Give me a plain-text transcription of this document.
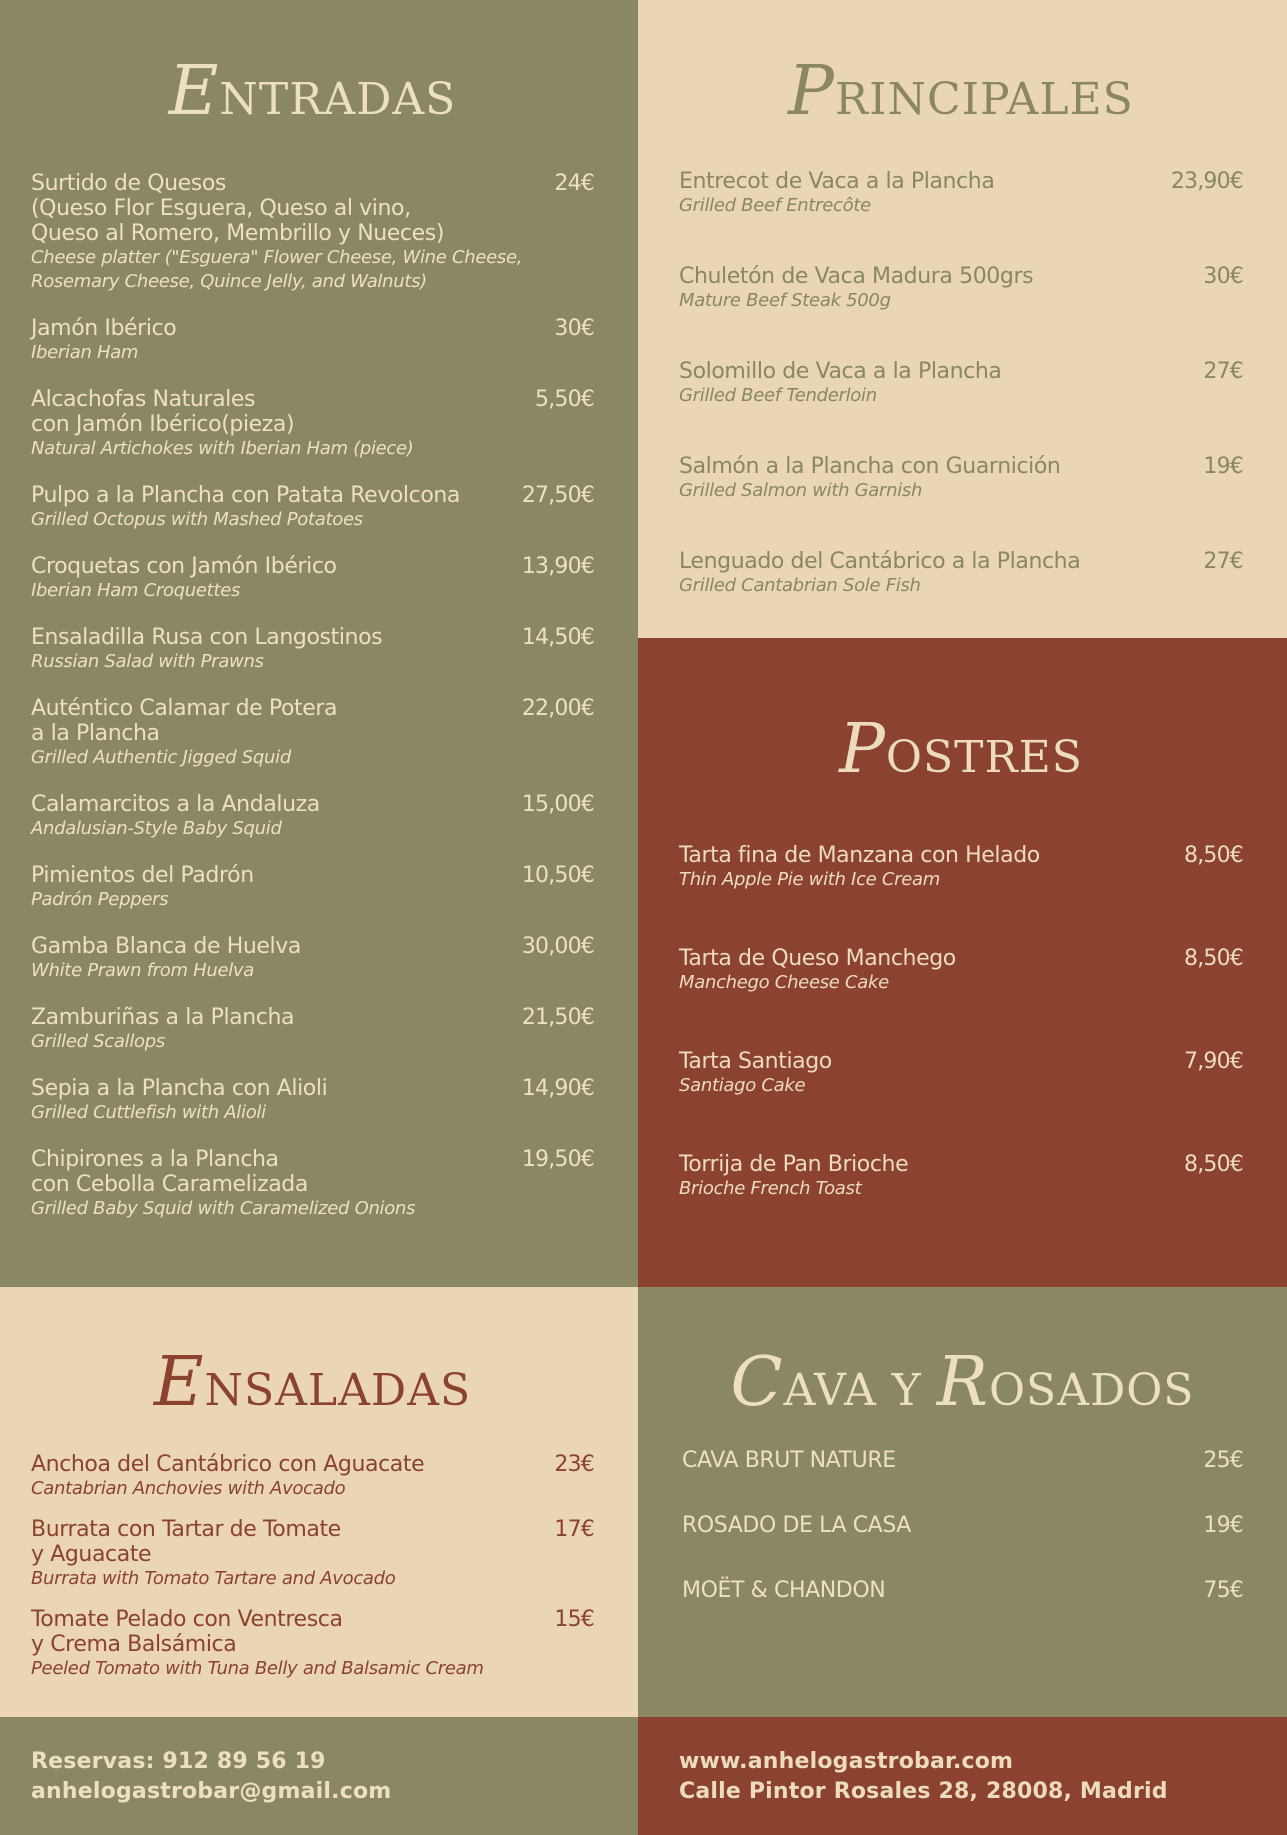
ENTRADAS
Surtido de Quesos
(Queso Flor Esguera, Queso al vino,
Queso al Romero, Membrillo y Nueces)
24€
Cheese platter ("Esguera" Flower Cheese, Wine Cheese,
Rosemary Cheese, Quince Jelly, and Walnuts)
Jamón Ibérico	30€
Iberian Ham
Alcachofas Naturales
con Jamón Ibérico(pieza)
5,50€
Natural Artichokes with Iberian Ham (piece)
Pulpo a la Plancha con Patata Revolcona	27,50€
Grilled Octopus with Mashed Potatoes
Croquetas con Jamón Ibérico	13,90€
Iberian Ham Croquettes
Ensaladilla Rusa con Langostinos	14,50€
Russian Salad with Prawns
Auténtico Calamar de Potera
a la Plancha
22,00€
Grilled Authentic Jigged Squid
Calamarcitos a la Andaluza	15,00€
Andalusian-Style Baby Squid
Pimientos del Padrón	10,50€
Padrón Peppers
Gamba Blanca de Huelva	30,00€
White Prawn from Huelva
Zamburiñas a la Plancha	21,50€
Grilled Scallops
Sepia a la Plancha con Alioli	14,90€
Grilled Cuttlefish with Alioli
Chipirones a la Plancha
con Cebolla Caramelizada
19,50€
Grilled Baby Squid with Caramelized Onions
PRINCIPALES
Entrecot de Vaca a la Plancha	23,90€
Grilled Beef Entrecôte
Chuletón de Vaca Madura 500grs	30€
Mature Beef Steak 500g
Solomillo de Vaca a la Plancha	27€
Grilled Beef Tenderloin
Salmón a la Plancha con Guarnición	19€
Grilled Salmon with Garnish
Lenguado del Cantábrico a la Plancha	27€
Grilled Cantabrian Sole Fish
POSTRES
Tarta fina de Manzana con Helado	8,50€
Thin Apple Pie with Ice Cream
Tarta de Queso Manchego	8,50€
Manchego Cheese Cake
Tarta Santiago	7,90€
Santiago Cake
Torrija de Pan Brioche	8,50€
Brioche French Toast
ENSALADAS
Anchoa del Cantábrico con Aguacate	23€
Cantabrian Anchovies with Avocado
Burrata con Tartar de Tomate
y Aguacate
17€
Burrata with Tomato Tartare and Avocado
Tomate Pelado con Ventresca
y Crema Balsámica
15€
Peeled Tomato with Tuna Belly and Balsamic Cream
CAVA Y ROSADOS
CAVA BRUT NATURE	25€
ROSADO DE LA CASA	19€
MOËT & CHANDON	75€
Reservas: 912 89 56 19
anhelogastrobar@gmail.com
www.anhelogastrobar.com
Calle Pintor Rosales 28, 28008, Madrid
